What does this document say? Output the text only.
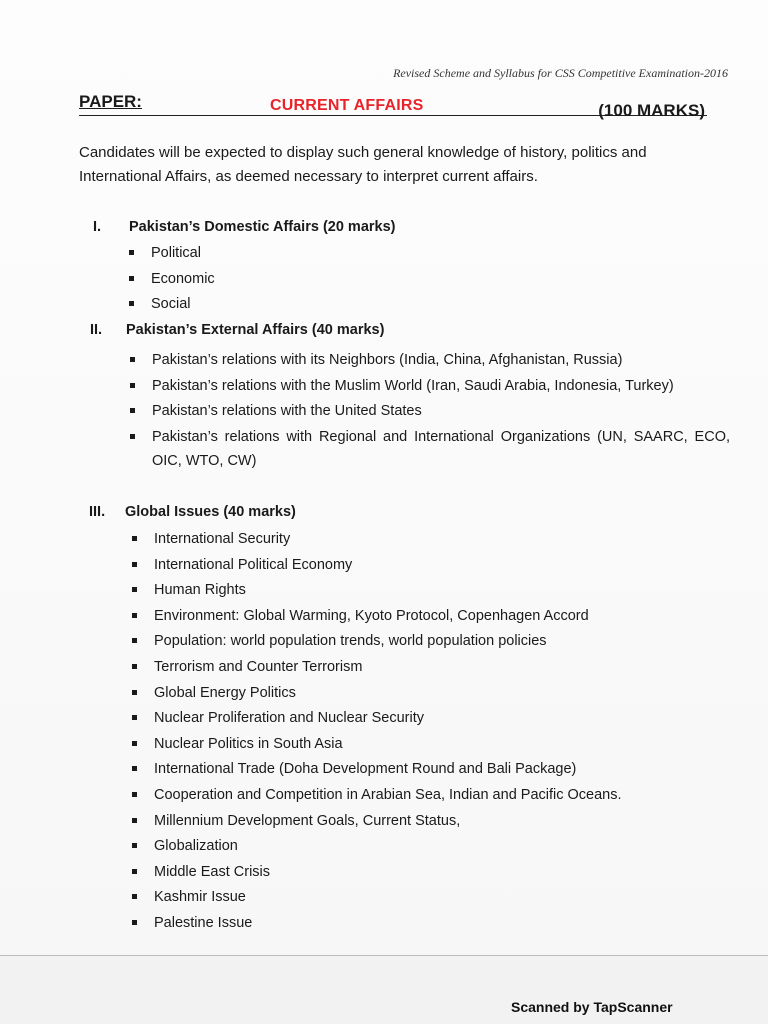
Revised Scheme and Syllabus for CSS Competitive Examination-2016
PAPER:	CURRENT AFFAIRS	(100 MARKS)

Candidates will be expected to display such general knowledge of history, politics and International Affairs, as deemed necessary to interpret current affairs.

I. Pakistan’s Domestic Affairs (20 marks)
Political
Economic
Social
II. Pakistan’s External Affairs (40 marks)
Pakistan’s relations with its Neighbors (India, China, Afghanistan, Russia)
Pakistan’s relations with the Muslim World (Iran, Saudi Arabia, Indonesia, Turkey)
Pakistan’s relations with the United States
Pakistan’s relations with Regional and International Organizations (UN, SAARC, ECO, OIC, WTO, CW)
III. Global Issues (40 marks)
International Security
International Political Economy
Human Rights
Environment: Global Warming, Kyoto Protocol, Copenhagen Accord
Population: world population trends, world population policies
Terrorism and Counter Terrorism
Global Energy Politics
Nuclear Proliferation and Nuclear Security
Nuclear Politics in South Asia
International Trade (Doha Development Round and Bali Package)
Cooperation and Competition in Arabian Sea, Indian and Pacific Oceans.
Millennium Development Goals, Current Status,
Globalization
Middle East Crisis
Kashmir Issue
Palestine Issue
Scanned by TapScanner
